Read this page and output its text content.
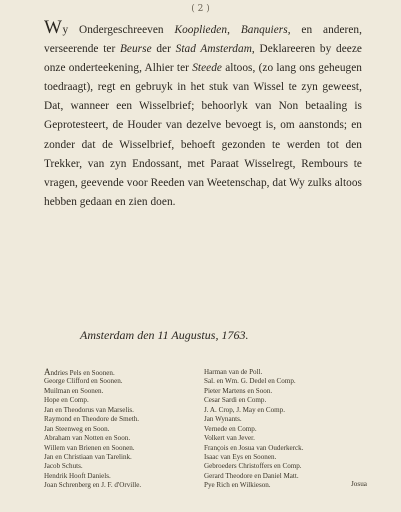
( 2 )
Wy Ondergeschreeven Kooplieden, Banquiers, en anderen, verseerende ter Beurse der Stad Amsterdam, Deklareeren by deeze onze onderteekening, Alhier ter Steede altoos, (zo lang ons geheugen toedraagt), regt en gebruyk in het stuk van Wissel te zyn geweest, Dat, wanneer een Wisselbrief; behoorlyk van Non betaaling is Geprotesteert, de Houder van dezelve bevoegt is, om aanstonds; en zonder dat de Wisselbrief, behoeft gezonden te werden tot den Trekker, van zyn Endossant, met Paraat Wisselregt, Rembours te vragen, geevende voor Reeden van Weetenschap, dat Wy zulks altoos hebben gedaan en zien doen.
Amsterdam den 11 Augustus, 1763.
Andries Pels en Soonen.
George Clifford en Soonen.
Muilman en Soonen.
Hope en Comp.
Jan en Theodorus van Marselis.
Raymond en Theodore de Smeth.
Jan Steenweg en Soon.
Abraham van Notten en Soon.
Willem van Brienen en Soonen.
Jan en Christiaan van Tarelink.
Jacob Schuts.
Hendrik Hooft Daniels.
Joan Schrenberg en J. F. d'Orville.
Harman van de Poll.
Sal. en Wm. G. Dedel en Comp.
Pieter Martens en Soon.
Cesar Sardi en Comp.
J. A. Crop, J. May en Comp.
Jan Wynants.
Vernede en Comp.
Volkert van Jever.
François en Josua van Ouderkerck.
Isaac van Eys en Soonen.
Gebroeders Christoffers en Comp.
Gerard Theodore en Daniel Matt.
Pye Rich en Wilkieson.	Josua
